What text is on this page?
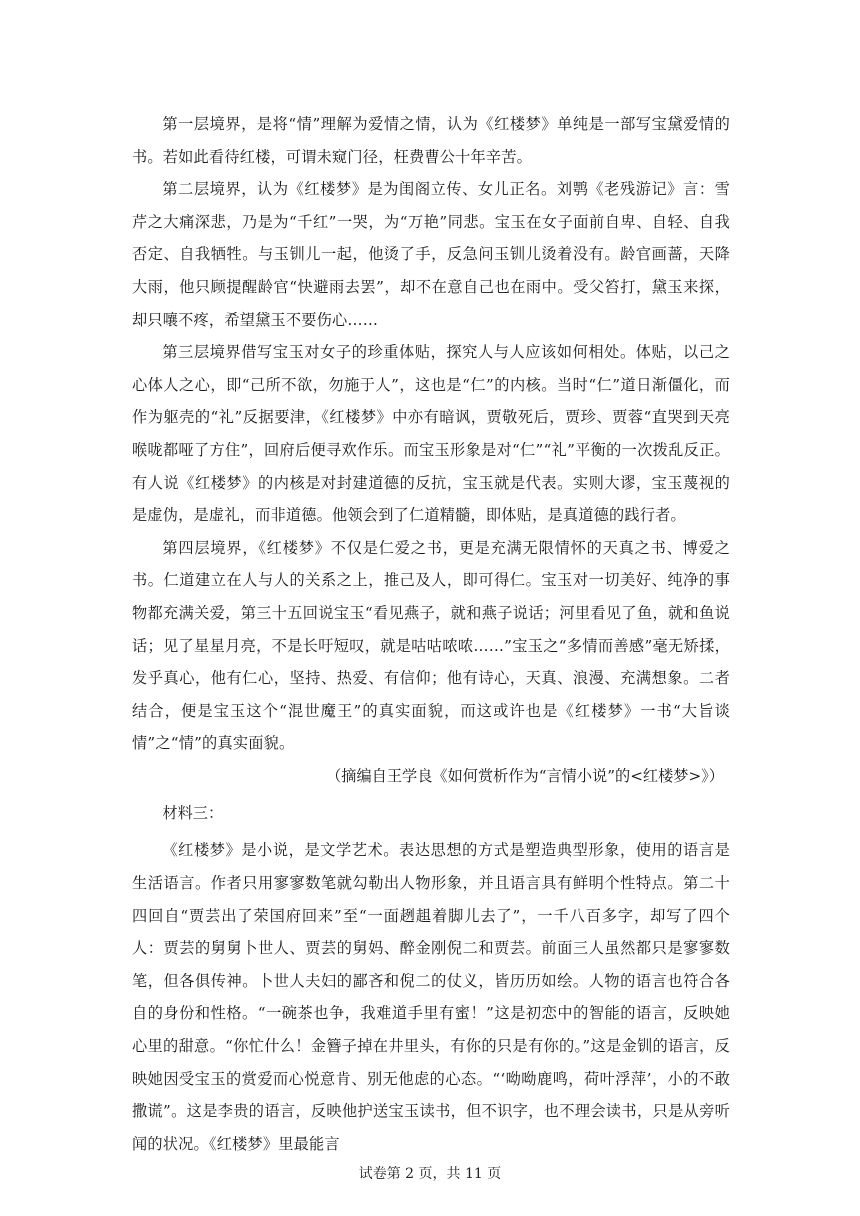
第一层境界，是将“情”理解为爱情之情，认为《红楼梦》单纯是一部写宝黛爱情的书。若如此看待红楼，可谓未窥门径，枉费曹公十年辛苦。

第二层境界，认为《红楼梦》是为闺阁立传、女儿正名。刘鹗《老残游记》言：雪芹之大痛深悲，乃是为“千红”一哭，为“万艳”同悲。宝玉在女子面前自卑、自轻、自我否定、自我牺牲。与玉钏儿一起，他烫了手，反急问玉钏儿烫着没有。龄官画蔷，天降大雨，他只顾提醒龄官“快避雨去罢”，却不在意自己也在雨中。受父笞打，黛玉来探，却只嚷不疼，希望黛玉不要伤心……

第三层境界借写宝玉对女子的珍重体贴，探究人与人应该如何相处。体贴，以己之心体人之心，即“己所不欲，勿施于人”，这也是“仁”的内核。当时“仁”道日渐僵化，而作为躯壳的“礼”反据要津，《红楼梦》中亦有暗讽，贾敬死后，贾珍、贾蓉“直哭到天亮喉咙都哑了方住”，回府后便寻欢作乐。而宝玉形象是对“仁”“礼”平衡的一次拨乱反正。有人说《红楼梦》的内核是对封建道德的反抗，宝玉就是代表。实则大谬，宝玉蔑视的是虚伪，是虚礼，而非道德。他领会到了仁道精髓，即体贴，是真道德的践行者。

第四层境界，《红楼梦》不仅是仁爱之书，更是充满无限情怀的天真之书、博爱之书。仁道建立在人与人的关系之上，推己及人，即可得仁。宝玉对一切美好、纯净的事物都充满关爱，第三十五回说宝玉“看见燕子，就和燕子说话；河里看见了鱼，就和鱼说话；见了星星月亮，不是长吁短叹，就是咕咕哝哝……”宝玉之“多情而善感”毫无矫揉，发乎真心，他有仁心，坚持、热爱、有信仰；他有诗心，天真、浪漫、充满想象。二者结合，便是宝玉这个“混世魔王”的真实面貌，而这或许也是《红楼梦》一书“大旨谈情”之“情”的真实面貌。

（摘编自王学良《如何赏析作为“言情小说”的<红楼梦>》）

材料三：

《红楼梦》是小说，是文学艺术。表达思想的方式是塑造典型形象，使用的语言是生活语言。作者只用寥寥数笔就勾勒出人物形象，并且语言具有鲜明个性特点。第二十四回自“贾芸出了荣国府回来”至“一面趔趄着脚儿去了”，一千八百多字，却写了四个人：贾芸的舅舅卜世人、贾芸的舅妈、醉金刚倪二和贾芸。前面三人虽然都只是寥寥数笔，但各俱传神。卜世人夫妇的鄙吝和倪二的仗义，皆历历如绘。人物的语言也符合各自的身份和性格。“一碗茶也争，我难道手里有蜜！”这是初恋中的智能的语言，反映她心里的甜意。“你忙什么！金簪子掉在井里头，有你的只是有你的。”这是金钏的语言，反映她因受宝玉的赏爱而心悦意肯、别无他虑的心态。“‘呦呦鹿鸣，荷叶浮萍’，小的不敢撒谎”。这是李贵的语言，反映他护送宝玉读书，但不识字，也不理会读书，只是从旁听闻的状况。《红楼梦》里最能言

试卷第 2 页，共 11 页
